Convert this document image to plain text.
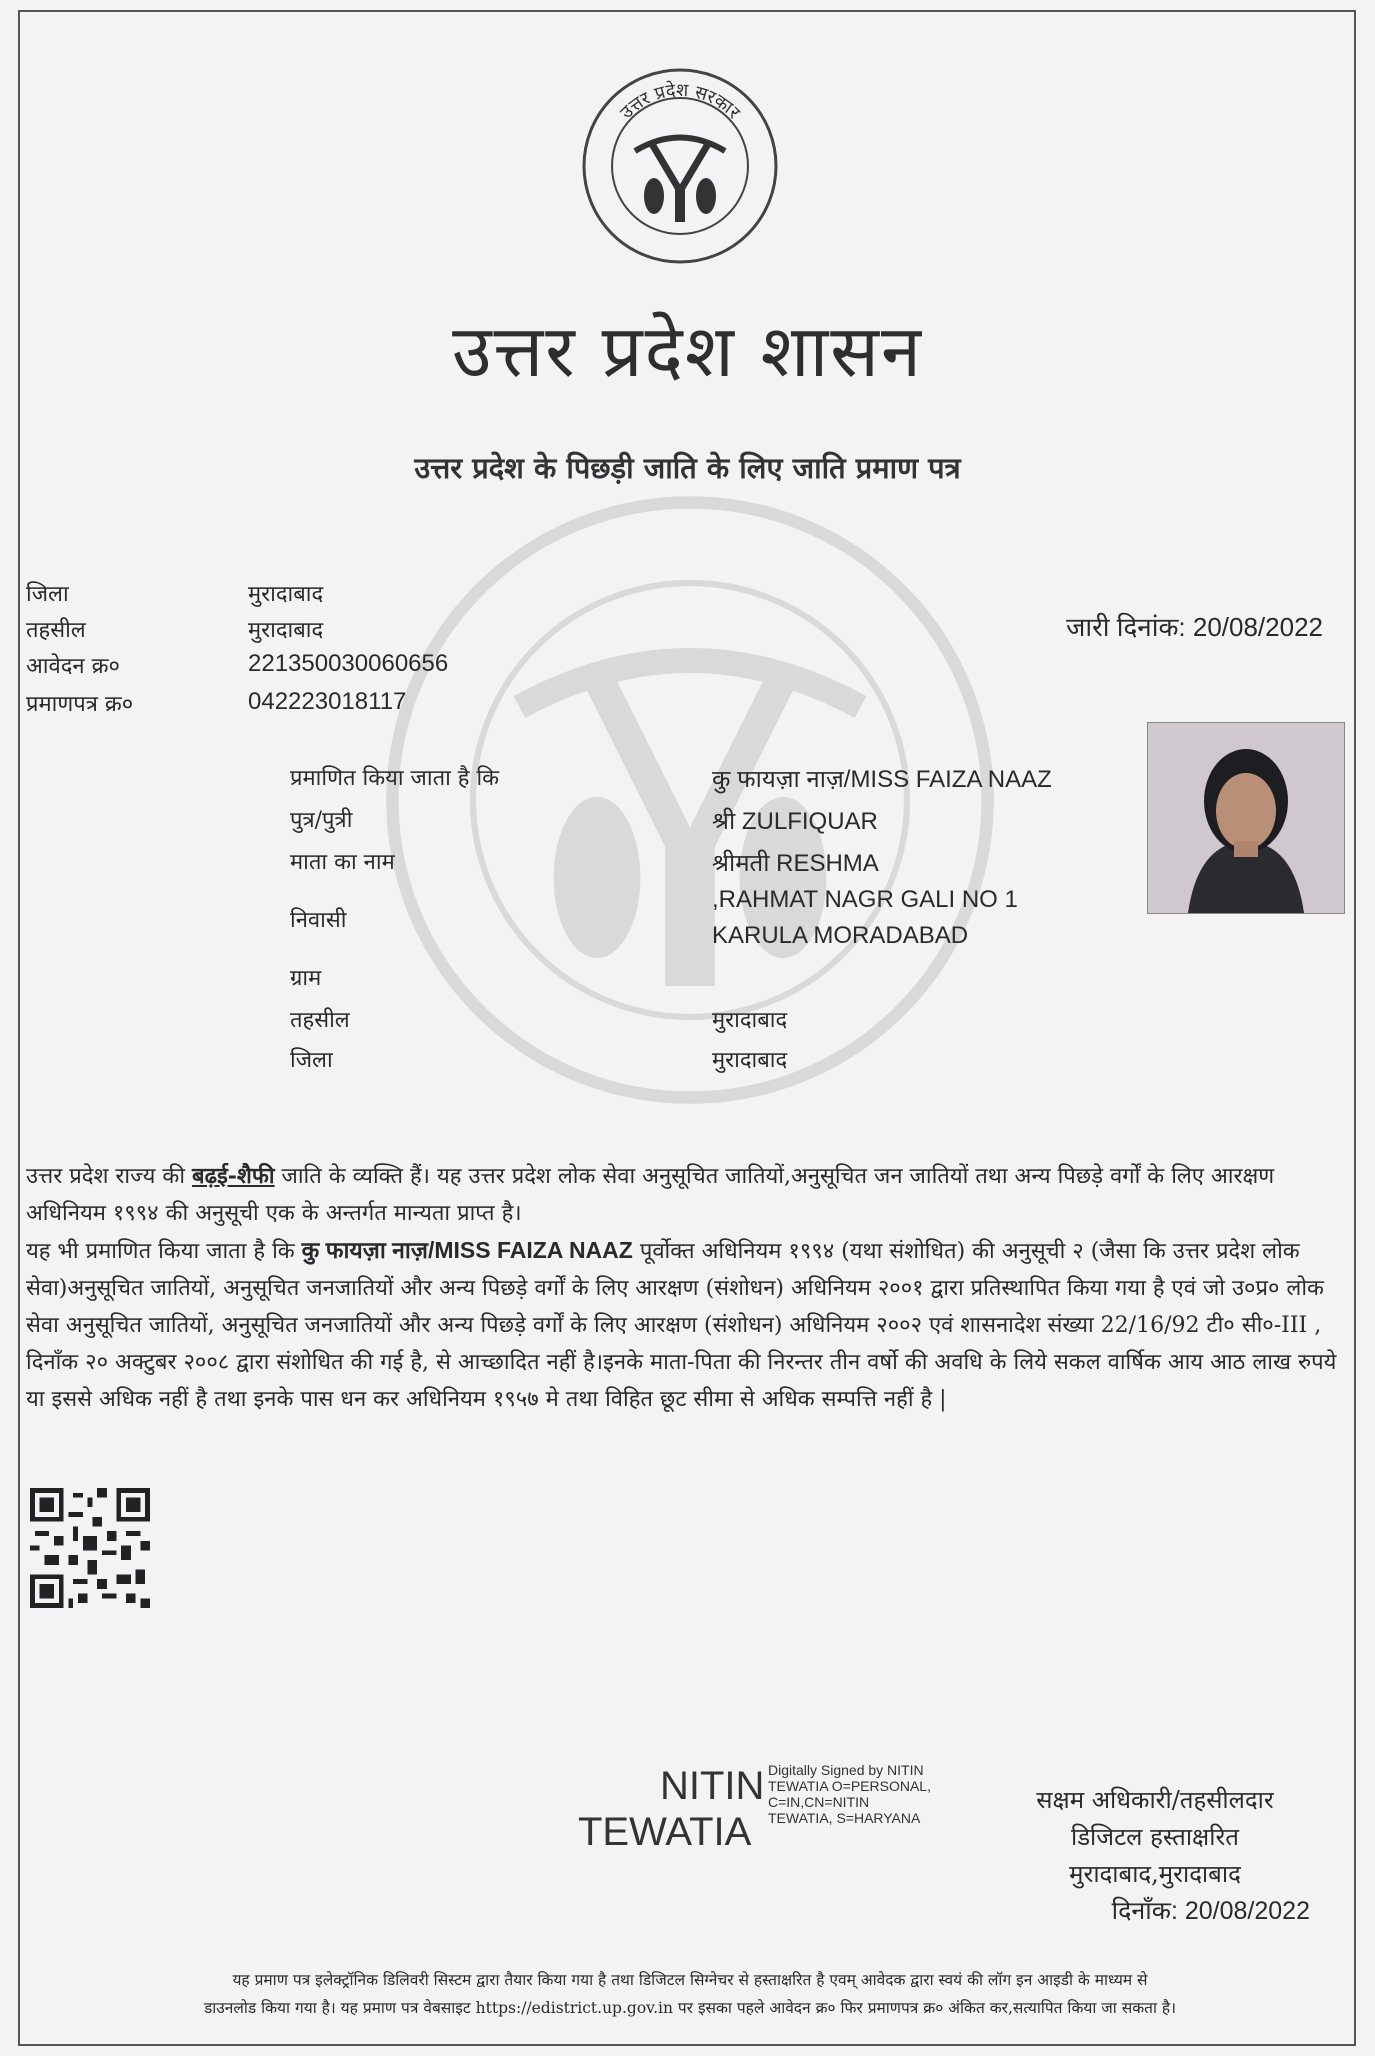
उत्तर प्रदेश सरकार
उत्तर प्रदेश शासन
उत्तर प्रदेश के पिछड़ी जाति के लिए जाति प्रमाण पत्र
जिला	मुरादाबाद
तहसील	मुरादाबाद
आवेदन क्र०	221350030060656
प्रमाणपत्र क्र०	042223018117
जारी दिनांक: 20/08/2022
प्रमाणित किया जाता है कि	कु फायज़ा नाज़/MISS FAIZA NAAZ
पुत्र/पुत्री	श्री ZULFIQUAR
माता का नाम	श्रीमती RESHMA
निवासी
,RAHMAT NAGR GALI NO 1
KARULA MORADABAD
ग्राम
तहसील	मुरादाबाद
जिला	मुरादाबाद
उत्तर प्रदेश राज्य की बढ़ई-शैफी जाति के व्यक्ति हैं। यह उत्तर प्रदेश लोक सेवा अनुसूचित जातियों,अनुसूचित जन जातियों तथा अन्य पिछड़े वर्गों के लिए आरक्षण अधिनियम १९९४ की अनुसूची एक के अन्तर्गत मान्यता प्राप्त है।
यह भी प्रमाणित किया जाता है कि कु फायज़ा नाज़/MISS FAIZA NAAZ पूर्वोक्त अधिनियम १९९४ (यथा संशोधित) की अनुसूची २ (जैसा कि उत्तर प्रदेश लोक सेवा)अनुसूचित जातियों, अनुसूचित जनजातियों और अन्य पिछड़े वर्गों के लिए आरक्षण (संशोधन) अधिनियम २००१ द्वारा प्रतिस्थापित किया गया है एवं जो उ०प्र० लोक सेवा अनुसूचित जातियों, अनुसूचित जनजातियों और अन्य पिछड़े वर्गों के लिए आरक्षण (संशोधन) अधिनियम २००२ एवं शासनादेश संख्या 22/16/92 टी० सी०-III , दिनाँक २० अक्टुबर २००८ द्वारा संशोधित की गई है, से आच्छादित नहीं है।इनके माता-पिता की निरन्तर तीन वर्षो की अवधि के लिये सकल वार्षिक आय आठ लाख रुपये या इससे अधिक नहीं है तथा इनके पास धन कर अधिनियम १९५७ मे तथा विहित छूट सीमा से अधिक सम्पत्ति नहीं है |
NITIN
TEWATIA
Digitally Signed by NITIN
TEWATIA O=PERSONAL,
C=IN,CN=NITIN
TEWATIA, S=HARYANA
सक्षम अधिकारी/तहसीलदार
डिजिटल हस्ताक्षरित
मुरादाबाद,मुरादाबाद
दिनाँक: 20/08/2022
यह प्रमाण पत्र इलेक्ट्रॉनिक डिलिवरी सिस्टम द्वारा तैयार किया गया है तथा डिजिटल सिग्नेचर से हस्ताक्षरित है एवम् आवेदक द्वारा स्वयं की लॉग इन आइडी के माध्यम से
डाउनलोड किया गया है। यह प्रमाण पत्र वेबसाइट https://edistrict.up.gov.in पर इसका पहले आवेदन क्र० फिर प्रमाणपत्र क्र० अंकित कर,सत्यापित किया जा सकता है।
